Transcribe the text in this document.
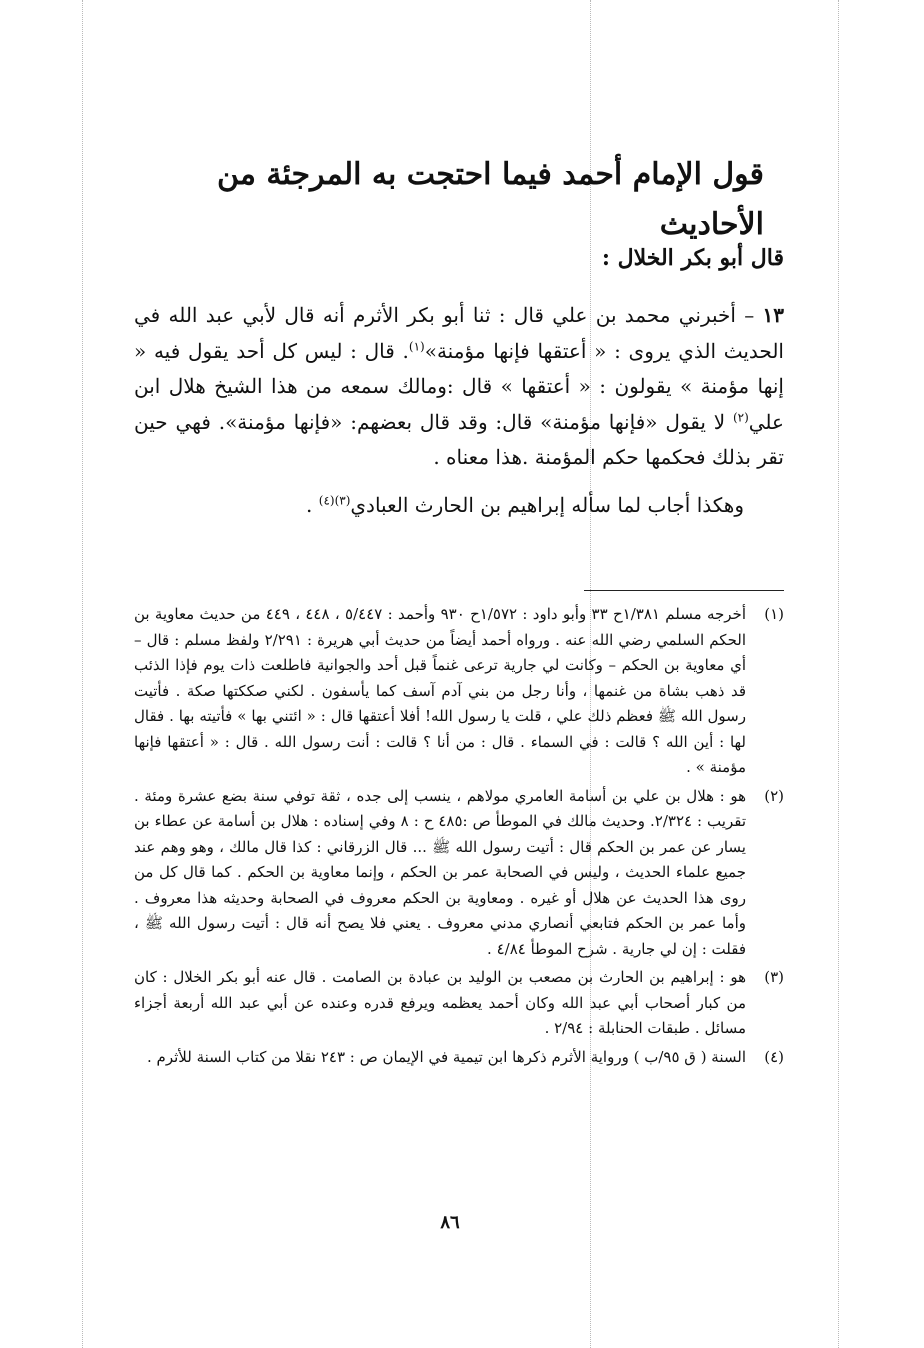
قول الإمام أحمد فيما احتجت به المرجئة من الأحاديث
قال أبو بكر الخلال :

١٣ – أخبرني محمد بن علي قال : ثنا أبو بكر الأثرم أنه قال لأبي عبد الله في الحديث الذي يروى : « أعتقها فإنها مؤمنة»$^{(١)}$. قال : ليس كل أحد يقول فيه « إنها مؤمنة » يقولون : « أعتقها » قال :ومالك سمعه من هذا الشيخ هلال ابن علي$^{(٢)}$ لا يقول «فإنها مؤمنة» قال: وقد قال بعضهم: «فإنها مؤمنة». فهي حين تقر بذلك فحكمها حكم المؤمنة .هذا معناه .

وهكذا أجاب لما سأله إبراهيم بن الحارث العبادي$^{(٣)(٤)}$ .

(١)
أخرجه مسلم ١/٣٨١ح ٣٣ وأبو داود : ١/٥٧٢ح ٩٣٠ وأحمد : ٥/٤٤٧ ، ٤٤٨ ، ٤٤٩ من حديث معاوية بن الحكم السلمي رضي الله عنه . ورواه أحمد أيضاً من حديث أبي هريرة : ٢/٢٩١ ولفظ مسلم : قال – أي معاوية بن الحكم – وكانت لي جارية ترعى غنماً قبل أحد والجوانية فاطلعت ذات يوم فإذا الذئب قد ذهب بشاة من غنمها ، وأنا رجل من بني آدم آسف كما يأسفون . لكني صككتها صكة . فأتيت رسول الله ﷺ فعظم ذلك علي ، قلت يا رسول الله! أفلا أعتقها قال : « ائتني بها » فأتيته بها . فقال لها : أين الله ؟ قالت : في السماء . قال : من أنا ؟ قالت : أنت رسول الله . قال : « أعتقها فإنها مؤمنة » .
(٢)
هو : هلال بن علي بن أسامة العامري مولاهم ، ينسب إلى جده ، ثقة توفي سنة بضع عشرة ومئة . تقريب : ٢/٣٢٤. وحديث مالك في الموطأ ص :٤٨٥ ح : ٨ وفي إسناده : هلال بن أسامة عن عطاء بن يسار عن عمر بن الحكم قال : أتيت رسول الله ﷺ ... قال الزرقاني : كذا قال مالك ، وهو وهم عند جميع علماء الحديث ، وليس في الصحابة عمر بن الحكم ، وإنما معاوية بن الحكم . كما قال كل من روى هذا الحديث عن هلال أو غيره . ومعاوية بن الحكم معروف في الصحابة وحديثه هذا معروف . وأما عمر بن الحكم فتابعي أنصاري مدني معروف . يعني فلا يصح أنه قال : أتيت رسول الله ﷺ ، فقلت : إن لي جارية . شرح الموطأ ٤/٨٤ .
(٣)
هو : إبراهيم بن الحارث بن مصعب بن الوليد بن عبادة بن الصامت . قال عنه أبو بكر الخلال : كان من كبار أصحاب أبي عبد الله وكان أحمد يعظمه ويرفع قدره وعنده عن أبي عبد الله أربعة أجزاء مسائل . طبقات الحنابلة : ٢/٩٤ .
(٤)
السنة ( ق ٩٥/ب ) ورواية الأثرم ذكرها ابن تيمية في الإيمان ص : ٢٤٣ نقلا من كتاب السنة للأثرم .
٨٦
